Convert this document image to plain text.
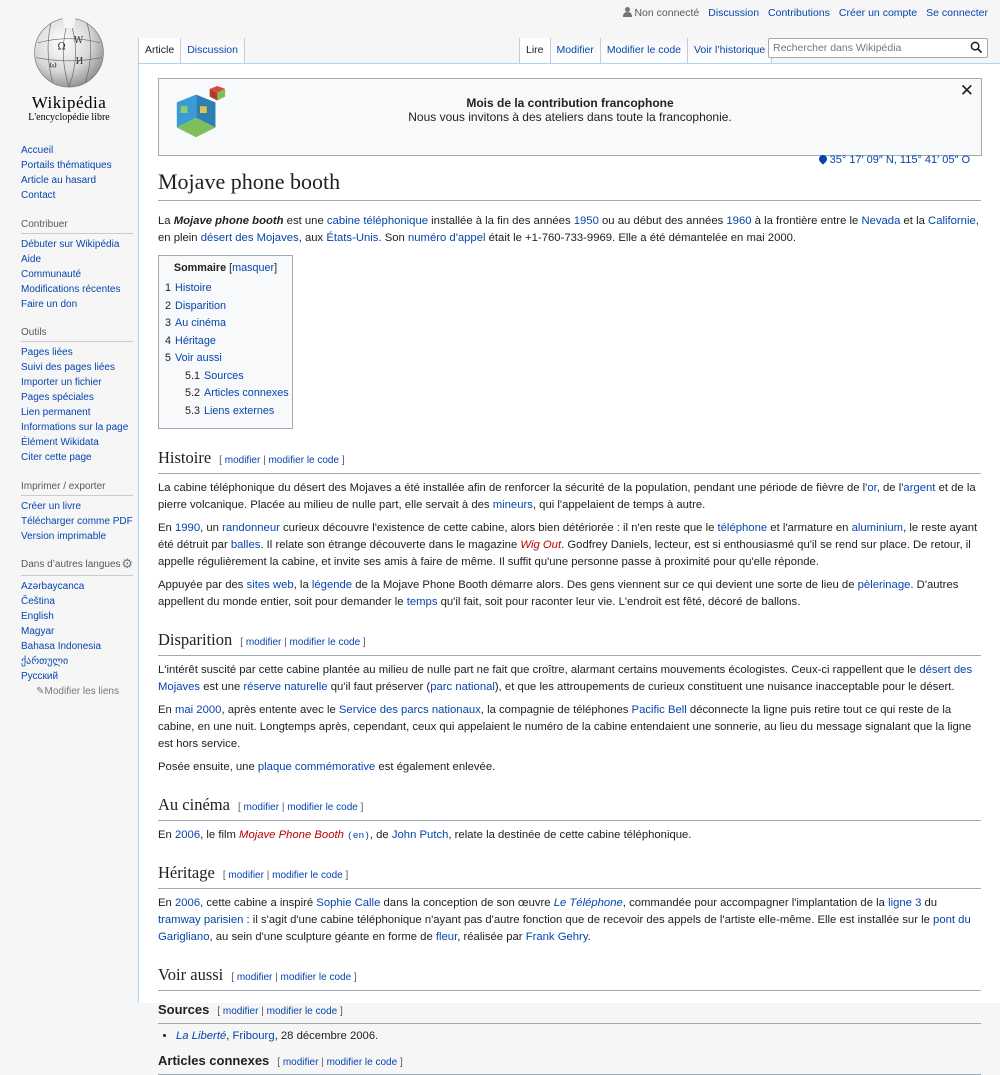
Non connecté Discussion Contributions Créer un compte Se connecter
Ω
W
И
ω
Wikipédia
L'encyclopédie libre
Accueil
Portails thématiques
Article au hasard
Contact
Contribuer
Débuter sur Wikipédia
Aide
Communauté
Modifications récentes
Faire un don
Outils
Pages liées
Suivi des pages liées
Importer un fichier
Pages spéciales
Lien permanent
Informations sur la page
Élément Wikidata
Citer cette page
Imprimer / exporter
Créer un livre
Télécharger comme PDF
Version imprimable
Dans d’autres langues ⚙
Azərbaycanca
Čeština
English
Magyar
Bahasa Indonesia
ქართული
Русский
✎Modifier les liens
Article	Discussion	Lire	Modifier	Modifier le code	Voir l’historique Rechercher dans Wikipédia
Mois de la contribution francophone
Nous vous invitons à des ateliers dans toute la francophonie.
✕
35° 17′ 09″ N, 115° 41′ 05″ O
Mojave phone booth

La Mojave phone booth est une cabine téléphonique installée à la fin des années 1950 ou au début des années 1960 à la frontière entre le Nevada et la Californie, en plein désert des Mojaves, aux États-Unis. Son numéro d'appel était le +1-760-733-9969. Elle a été démantelée en mai 2000.

Sommaire [masquer]
1 Histoire
2 Disparition
3 Au cinéma
4 Héritage
5 Voir aussi
5.1 Sources
5.2 Articles connexes
5.3 Liens externes
Histoire [ modifier | modifier le code ]

La cabine téléphonique du désert des Mojaves a été installée afin de renforcer la sécurité de la population, pendant une période de fièvre de l'or, de l'argent et de la pierre volcanique. Placée au milieu de nulle part, elle servait à des mineurs, qui l'appelaient de temps à autre.

En 1990, un randonneur curieux découvre l'existence de cette cabine, alors bien détériorée : il n'en reste que le téléphone et l'armature en aluminium, le reste ayant été détruit par balles. Il relate son étrange découverte dans le magazine Wig Out. Godfrey Daniels, lecteur, est si enthousiasmé qu'il se rend sur place. De retour, il appelle régulièrement la cabine, et invite ses amis à faire de même. Il suffit qu'une personne passe à proximité pour qu'elle réponde.

Appuyée par des sites web, la légende de la Mojave Phone Booth démarre alors. Des gens viennent sur ce qui devient une sorte de lieu de pèlerinage. D'autres appellent du monde entier, soit pour demander le temps qu'il fait, soit pour raconter leur vie. L'endroit est fêté, décoré de ballons.

Disparition [ modifier | modifier le code ]

L'intérêt suscité par cette cabine plantée au milieu de nulle part ne fait que croître, alarmant certains mouvements écologistes. Ceux-ci rappellent que le désert des Mojaves est une réserve naturelle qu'il faut préserver (parc national), et que les attroupements de curieux constituent une nuisance inacceptable pour le désert.

En mai 2000, après entente avec le Service des parcs nationaux, la compagnie de téléphones Pacific Bell déconnecte la ligne puis retire tout ce qui reste de la cabine, en une nuit. Longtemps après, cependant, ceux qui appelaient le numéro de la cabine entendaient une sonnerie, au lieu du message signalant que la ligne est hors service.

Posée ensuite, une plaque commémorative est également enlevée.

Au cinéma [ modifier | modifier le code ]

En 2006, le film Mojave Phone Booth (en), de John Putch, relate la destinée de cette cabine téléphonique.

Héritage [ modifier | modifier le code ]

En 2006, cette cabine a inspiré Sophie Calle dans la conception de son œuvre Le Téléphone, commandée pour accompagner l'implantation de la ligne 3 du tramway parisien : il s'agit d'une cabine téléphonique n'ayant pas d'autre fonction que de recevoir des appels de l'artiste elle-même. Elle est installée sur le pont du Garigliano, au sein d'une sculpture géante en forme de fleur, réalisée par Frank Gehry.

Voir aussi [ modifier | modifier le code ]
Sources [ modifier | modifier le code ]
• La Liberté, Fribourg, 28 décembre 2006.
Articles connexes [ modifier | modifier le code ]
